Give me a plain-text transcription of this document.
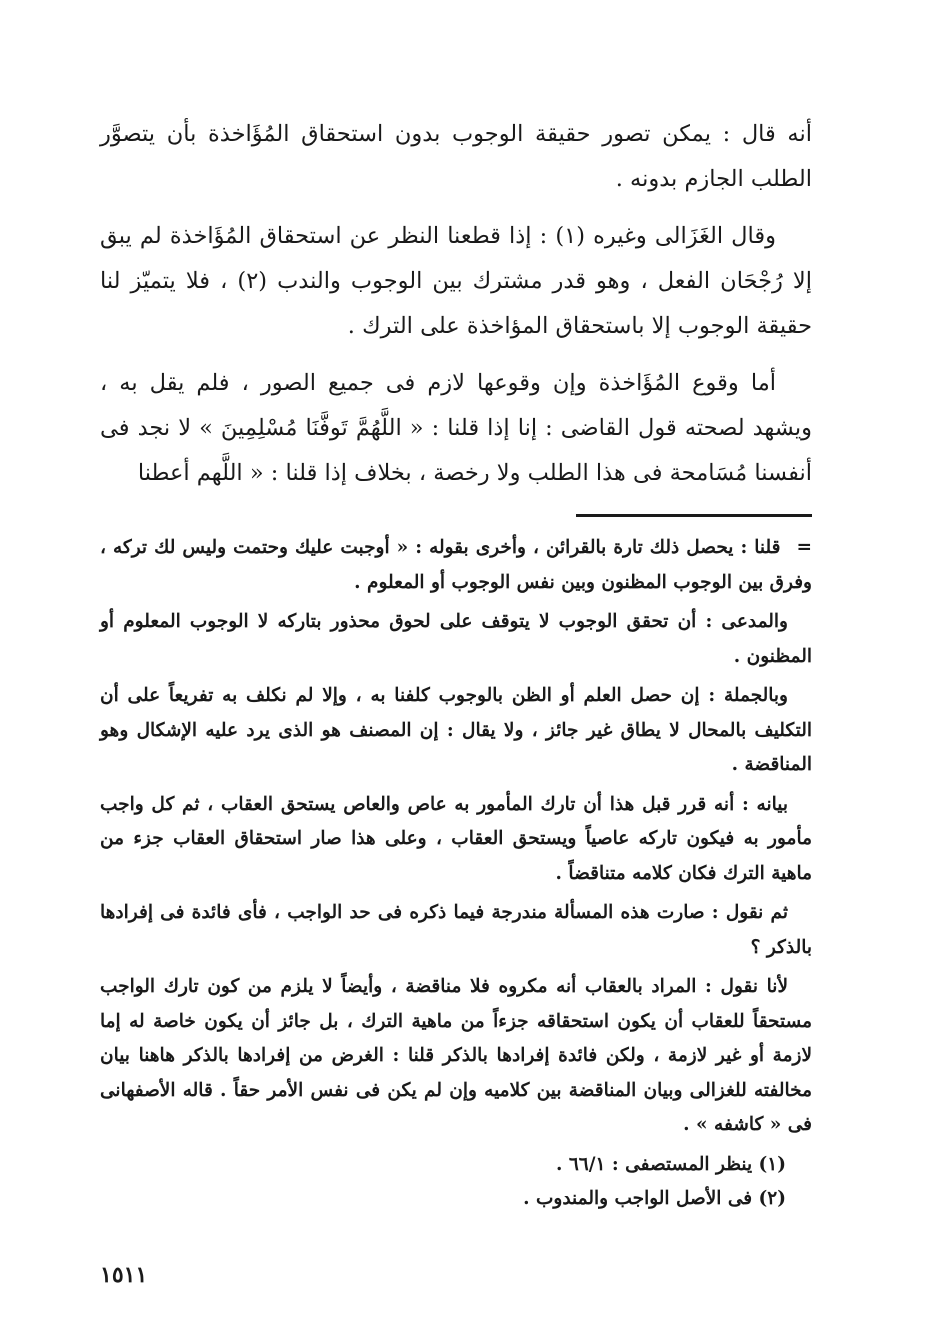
أنه قال : يمكن تصور حقيقة الوجوب بدون استحقاق المُؤَاخذة بأن يتصوَّر الطلب الجازم بدونه .

وقال الغَزَالى وغيره (١) : إذا قطعنا النظر عن استحقاق المُؤَاخذة لم يبق إلا رُجْحَان الفعل ، وهو قدر مشترك بين الوجوب والندب (٢) ، فلا يتميّز لنا حقيقة الوجوب إلا باستحقاق المؤاخذة على الترك .

أما وقوع المُؤَاخذة وإن وقوعها لازم فى جميع الصور ، فلم يقل به ، ويشهد لصحته قول القاضى : إنا إذا قلنا : « اللَّهُمَّ تَوفَّنَا مُسْلِمِينَ » لا نجد فى أنفسنا مُسَامحة فى هذا الطلب ولا رخصة ، بخلاف إذا قلنا : « اللَّهم أعطنا

=قلنا : يحصل ذلك تارة بالقرائن ، وأخرى بقوله : « أوجبت عليك وحتمت وليس لك تركه ، وفرق بين الوجوب المظنون وبين نفس الوجوب أو المعلوم .

والمدعى : أن تحقق الوجوب لا يتوقف على لحوق محذور بتاركه لا الوجوب المعلوم أو المظنون .

وبالجملة : إن حصل العلم أو الظن بالوجوب كلفنا به ، وإلا لم نكلف به تفريعاً على أن التكليف بالمحال لا يطاق غير جائز ، ولا يقال : إن المصنف هو الذى يرد عليه الإشكال وهو المناقضة .

بيانه : أنه قرر قبل هذا أن تارك المأمور به عاص والعاص يستحق العقاب ، ثم كل واجب مأمور به فيكون تاركه عاصياً ويستحق العقاب ، وعلى هذا صار استحقاق العقاب جزء من ماهية الترك فكان كلامه متناقضاً .

ثم نقول : صارت هذه المسألة مندرجة فيما ذكره فى حد الواجب ، فأى فائدة فى إفرادها بالذكر ؟

لأنا نقول : المراد بالعقاب أنه مكروه فلا مناقضة ، وأيضاً لا يلزم من كون تارك الواجب مستحقاً للعقاب أن يكون استحقاقه جزءاً من ماهية الترك ، بل جائز أن يكون خاصة له إما لازمة أو غير لازمة ، ولكن فائدة إفرادها بالذكر قلنا : الغرض من إفرادها بالذكر هاهنا بيان مخالفته للغزالى وبيان المناقضة بين كلاميه وإن لم يكن فى نفس الأمر حقاً . قاله الأصفهانى فى « كاشفه » .

(١) ينظر المستصفى : ٦٦/١ .

(٢) فى الأصل الواجب والمندوب .

١٥١١
